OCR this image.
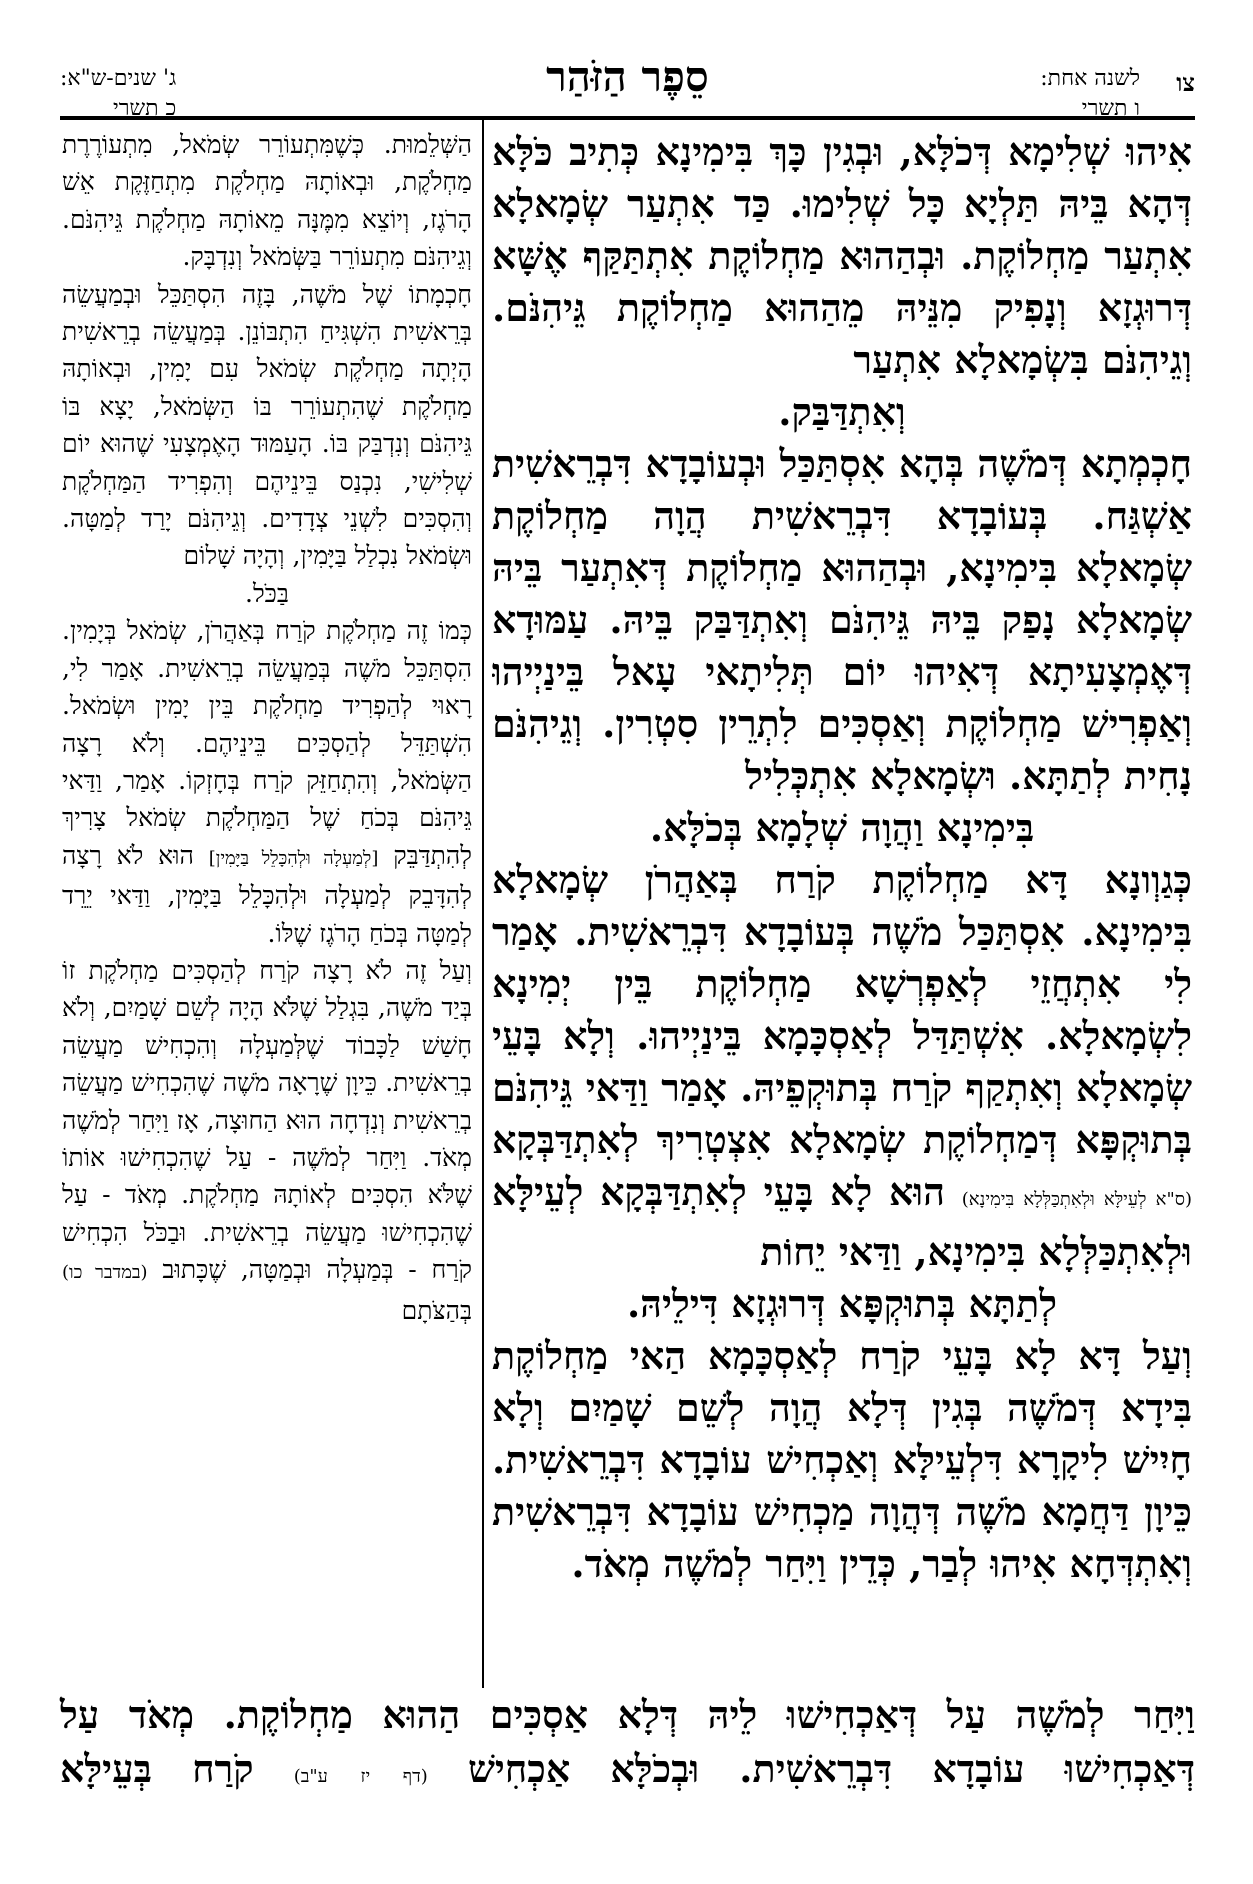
צו
לשנה אחת:
ו תשרי
סֵפֶר הַזֹּהַר
ג' שנים-ש"א:
כ תשרי

אִיהוּ שְׁלִימָא דְּכֹלָּא, וּבְגִין כָּךְ בִּימִינָא כְּתִיב כֹּלָּא דְּהָא בֵּיהּ תַּלְיָא כָּל שְׁלִימוּ. כַּד אִתְעַר שְׂמָאלָא אִתְעַר מַחְלוֹקֶת. וּבְהַהוּא מַחְלוֹקֶת אִתְתַּקַּף אֶשָּׁא דְּרוּגְזָא וְנָפִיק מִנֵּיהּ מֵהַהוּא מַחְלוֹקֶת גֵּיהִנֹּם. וְגֵיהִנֹּם בִּשְׂמָאלָא אִתְעַר

וְאִתְדַּבַּק.

חָכְמְתָא דְּמֹשֶׁה בְּהָא אִסְתַּכַּל וּבְעוֹבָדָא דִּבְרֵאשִׁית אַשְׁגַּח. בְּעוֹבָדָא דִּבְרֵאשִׁית הֲוָה מַחְלוֹקֶת שְׂמָאלָא בִּימִינָא, וּבְהַהוּא מַחְלוֹקֶת דְּאִתְעַר בֵּיהּ שְׂמָאלָא נָפַק בֵּיהּ גֵּיהִנֹּם וְאִתְדַּבַּק בֵּיהּ. עַמּוּדָא דְּאֶמְצָעִיתָא דְּאִיהוּ יוֹם תְּלִיתָאי עָאל בֵּינַיְיהוּ וְאַפְרִישׁ מַחְלוֹקֶת וְאַסְכִּים לִתְרֵין סִטְרִין. וְגֵיהִנֹּם נָחִית לְתַתָּא. וּשְׂמָאלָא אִתְכְּלִיל

בִּימִינָא וַהֲוָה שְׁלָמָא בְּכֹלָּא.

כְּגַוְונָא דָּא מַחְלוֹקֶת קֹרַח בְּאַהֲרֹן שְׂמָאלָא בִּימִינָא. אִסְתַּכַּל מֹשֶׁה בְּעוֹבָדָא דִּבְרֵאשִׁית. אָמַר לִי אִתְחֲזֵי לְאַפְרְשָׁא מַחְלוֹקֶת בֵּין יְמִינָא לִשְׂמָאלָא. אִשְׁתַּדַּל לְאַסְכָּמָא בֵּינַיְיהוּ. וְלָא בָּעֵי שְׂמָאלָא וְאִתְקַף קֹרַח בְּתוּקְפֵיהּ. אָמַר וַדַּאי גֵּיהִנֹּם בְּתוּקְפָּא דְּמַחְלוֹקֶת שְׂמָאלָא אִצְטְרִיךְ לְאִתְדַּבְּקָא (ס"א לְעֵילָּא וּלְאִתְכַּלְּלָא בִּימִינָא) הוּא לָא בָּעֵי לְאִתְדַּבְּקָא לְעֵילָּא וּלְאִתְכַּלְּלָא בִּימִינָא, וַדַּאי יֵחוֹת

לְתַתָּא בְּתוּקְפָּא דְּרוּגְזָא דִּילֵיהּ.

וְעַל דָּא לָא בָּעֵי קֹרַח לְאַסְכָּמָא הַאי מַחְלוֹקֶת בִּידָא דְּמֹשֶׁה בְּגִין דְּלָא הֲוָה לְשֵׁם שָׁמַיִם וְלָא חָיִישׁ לִיקָרָא דִּלְעֵילָּא וְאַכְחִישׁ עוֹבָדָא דִּבְרֵאשִׁית. כֵּיוָן דַּחֲמָא מֹשֶׁה דְּהֲוָה מַכְחִישׁ עוֹבָדָא דִּבְרֵאשִׁית וְאִתְדְּחָא אִיהוּ לְבַר, כְּדֵין וַיִּחַר לְמֹשֶׁה מְאֹד.

הַשְּׁלֵמוּת. כְּשֶׁמִּתְעוֹרֵר שְׂמֹאל, מִתְעוֹרֶרֶת מַחְלֹקֶת, וּבְאוֹתָהּ מַחְלֹקֶת מִתְחַזֶּקֶת אֵשׁ הָרֹגֶז, וְיוֹצֵא מִמֶּנָּה מֵאוֹתָהּ מַחְלֹקֶת גֵּיהִנֹּם. וְגֵיהִנֹּם מִתְעוֹרֵר בַּשְּׂמֹאל וְנִדְבָּק.

חָכְמָתוֹ שֶׁל מֹשֶׁה, בָּזֶה הִסְתַּכֵּל וּבְמַעֲשֵׂה בְּרֵאשִׁית הִשְׁגִּיחַ הִתְבּוֹנֵן. בְּמַעֲשֵׂה בְרֵאשִׁית הָיְתָה מַחְלֹקֶת שְׂמֹאל עִם יָמִין, וּבְאוֹתָהּ מַחְלֹקֶת שֶׁהִתְעוֹרֵר בּוֹ הַשְּׂמֹאל, יָצָא בּוֹ גֵּיהִנֹּם וְנִדְבַּק בּוֹ. הָעַמּוּד הָאֶמְצָעִי שֶׁהוּא יוֹם שְׁלִישִׁי, נִכְנַס בֵּינֵיהֶם וְהִפְרִיד הַמַּחְלֹקֶת וְהִסְכִּים לִשְׁנֵי צְדָדִים. וְגֵיהִנֹּם יָרַד לְמַטָּה. וּשְׂמֹאל נִכְלַל בַּיָּמִין, וְהָיָה שָׁלוֹם

בַּכֹּל.

כְּמוֹ זֶה מַחְלֹקֶת קֹרַח בְּאַהֲרֹן, שְׂמֹאל בְּיָמִין. הִסְתַּכֵּל מֹשֶׁה בְּמַעֲשֵׂה בְרֵאשִׁית. אָמַר לִי, רָאוּי לְהַפְרִיד מַחְלֹקֶת בֵּין יָמִין וּשְׂמֹאל. הִשְׁתַּדֵּל לְהַסְכִּים בֵּינֵיהֶם. וְלֹא רָצָה הַשְּׂמֹאל, וְהִתְחַזֵּק קֹרַח בְּחָזְקוֹ. אָמַר, וַדַּאי גֵּיהִנֹּם בְּכֹחַ שֶׁל הַמַּחְלֹקֶת שְׂמֹאל צָרִיךְ לְהִתְדַּבֵּק [לְמַעְלָה וּלְהִכָּלֵל בַּיָּמִין] הוּא לֹא רָצָה לְהִדָּבֵק לְמַעְלָה וּלְהִכָּלֵל בַּיָּמִין, וַדַּאי יֵרֵד לְמַטָּה בְּכֹחַ הָרֹגֶז שֶׁלּוֹ.

וְעַל זֶה לֹא רָצָה קֹרַח לְהַסְכִּים מַחְלֹקֶת זוֹ בְּיַד מֹשֶׁה, בִּגְלַל שֶׁלֹּא הָיָה לְשֵׁם שָׁמַיִם, וְלֹא חָשַׁשׁ לַכָּבוֹד שֶׁלְּמַעְלָה וְהִכְחִישׁ מַעֲשֵׂה בְרֵאשִׁית. כֵּיוָן שֶׁרָאָה מֹשֶׁה שֶׁהִכְחִישׁ מַעֲשֵׂה בְרֵאשִׁית וְנִדְחָה הוּא הַחוּצָה, אָז וַיִּחַר לְמֹשֶׁה מְאֹד. וַיִּחַר לְמֹשֶׁה - עַל שֶׁהִכְחִישׁוּ אוֹתוֹ שֶׁלֹּא הִסְכִּים לְאוֹתָהּ מַחְלֹקֶת. מְאֹד - עַל שֶׁהִכְחִישׁוּ מַעֲשֵׂה בְרֵאשִׁית. וּבַכֹּל הִכְחִישׁ קֹרַח - בְּמַעְלָה וּבְמַטָּה, שֶׁכָּתוּב (במדבר כו) בְּהַצֹּתָם

וַיִּחַר לְמֹשֶׁה עַל דְּאַכְחִישׁוּ לֵיהּ דְּלָא אַסְכִּים הַהוּא מַחְלוֹקֶת. מְאֹד עַל

דְּאַכְחִישׁוּ עוֹבָדָא דִּבְרֵאשִׁית. וּבְכֹלָּא אַכְחִישׁ (דף יז ע"ב) קֹרַח בְּעֵילָּא
